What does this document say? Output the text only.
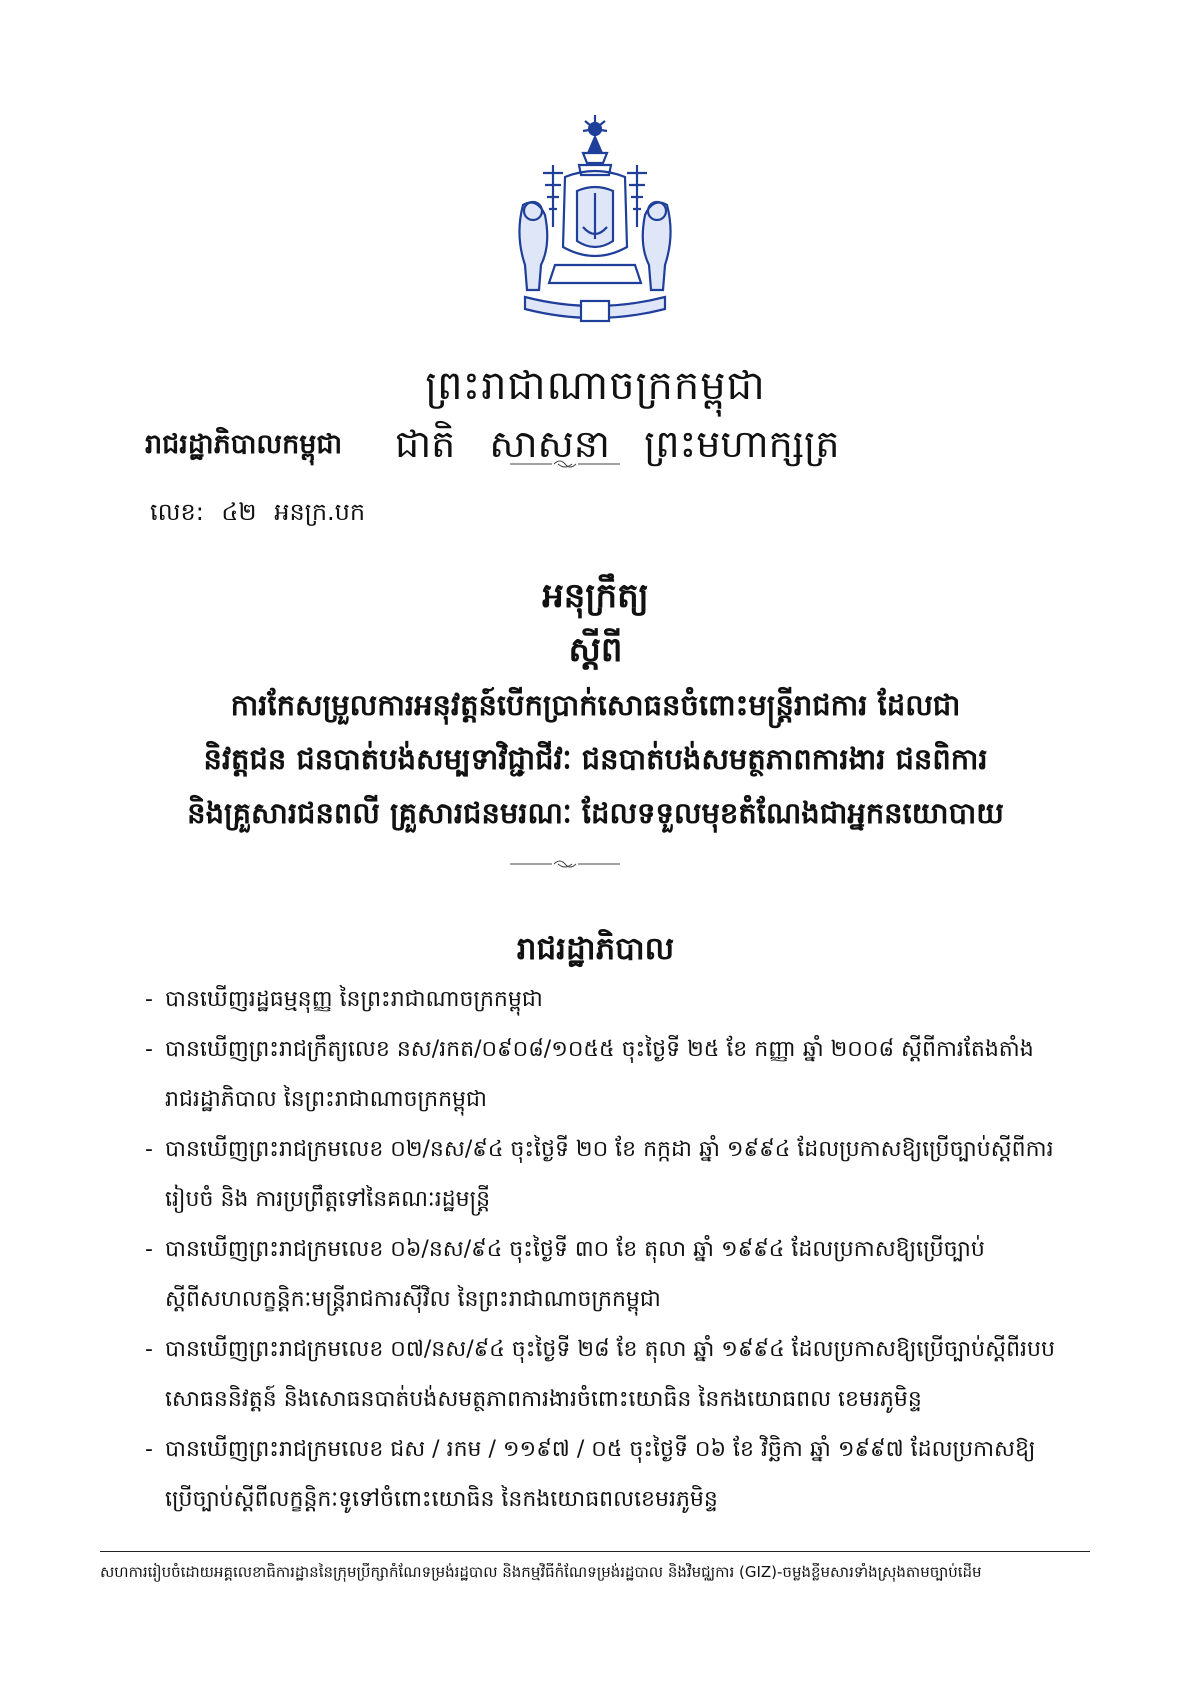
ព្រះរាជាណាចក្រកម្ពុជា
រាជរដ្ឋាភិបាលកម្ពុជា ជាតិ សាសនា ព្រះមហាក្សត្រ
លេខ: ៤២ អនក្រ.បក
អនុក្រឹត្យ
ស្តីពី
ការកែសម្រួលការអនុវត្តន៍បើកប្រាក់សោធនចំពោះមន្ត្រីរាជការ ដែលជា
និវត្តជន ជនបាត់បង់សម្បទាវិជ្ជាជីវៈ ជនបាត់បង់សមត្ថភាពការងារ ជនពិការ
និងគ្រួសារជនពលី គ្រួសារជនមរណៈ ដែលទទួលមុខតំណែងជាអ្នកនយោបាយ
រាជរដ្ឋាភិបាល
- បានឃើញរដ្ឋធម្មនុញ្ញ នៃព្រះរាជាណាចក្រកម្ពុជា
- បានឃើញព្រះរាជក្រឹត្យលេខ នស/រកត/០៩០៨/១០៥៥ ចុះថ្ងៃទី ២៥ ខែ កញ្ញា ឆ្នាំ ២០០៨ ស្តីពីការតែងតាំងរាជរដ្ឋាភិបាល នៃព្រះរាជាណាចក្រកម្ពុជា
- បានឃើញព្រះរាជក្រមលេខ ០២/នស/៩៤ ចុះថ្ងៃទី ២០ ខែ កក្កដា ឆ្នាំ ១៩៩៤ ដែលប្រកាសឱ្យប្រើច្បាប់ស្តីពីការរៀបចំ និង ការប្រព្រឹត្តទៅនៃគណៈរដ្ឋមន្ត្រី
- បានឃើញព្រះរាជក្រមលេខ ០៦/នស/៩៤ ចុះថ្ងៃទី ៣០ ខែ តុលា ឆ្នាំ ១៩៩៤ ដែលប្រកាសឱ្យប្រើច្បាប់ស្តីពីសហលក្ខន្តិកៈមន្ត្រីរាជការស៊ីវិល នៃព្រះរាជាណាចក្រកម្ពុជា
- បានឃើញព្រះរាជក្រមលេខ ០៧/នស/៩៤ ចុះថ្ងៃទី ២៨ ខែ តុលា ឆ្នាំ ១៩៩៤ ដែលប្រកាសឱ្យប្រើច្បាប់ស្តីពីរបបសោធននិវត្តន៍ និងសោធនបាត់បង់សមត្ថភាពការងារចំពោះយោធិន នៃកងយោធពល ខេមរភូមិន្ទ
- បានឃើញព្រះរាជក្រមលេខ ជស / រកម / ១១៩៧ / ០៥ ចុះថ្ងៃទី ០៦ ខែ វិច្ឆិកា ឆ្នាំ ១៩៩៧ ដែលប្រកាសឱ្យប្រើច្បាប់ស្តីពីលក្ខន្តិកៈទូទៅចំពោះយោធិន នៃកងយោធពលខេមរភូមិន្ទ
សហការរៀបចំដោយអគ្គលេខាធិការដ្ឋាននៃក្រុមប្រឹក្សាកំណែទម្រង់រដ្ឋបាល និងកម្មវិធីកំណែទម្រង់រដ្ឋបាល និងវិមជ្ឈការ (GIZ)-ចម្លងខ្លឹមសារទាំងស្រុងតាមច្បាប់ដើម
